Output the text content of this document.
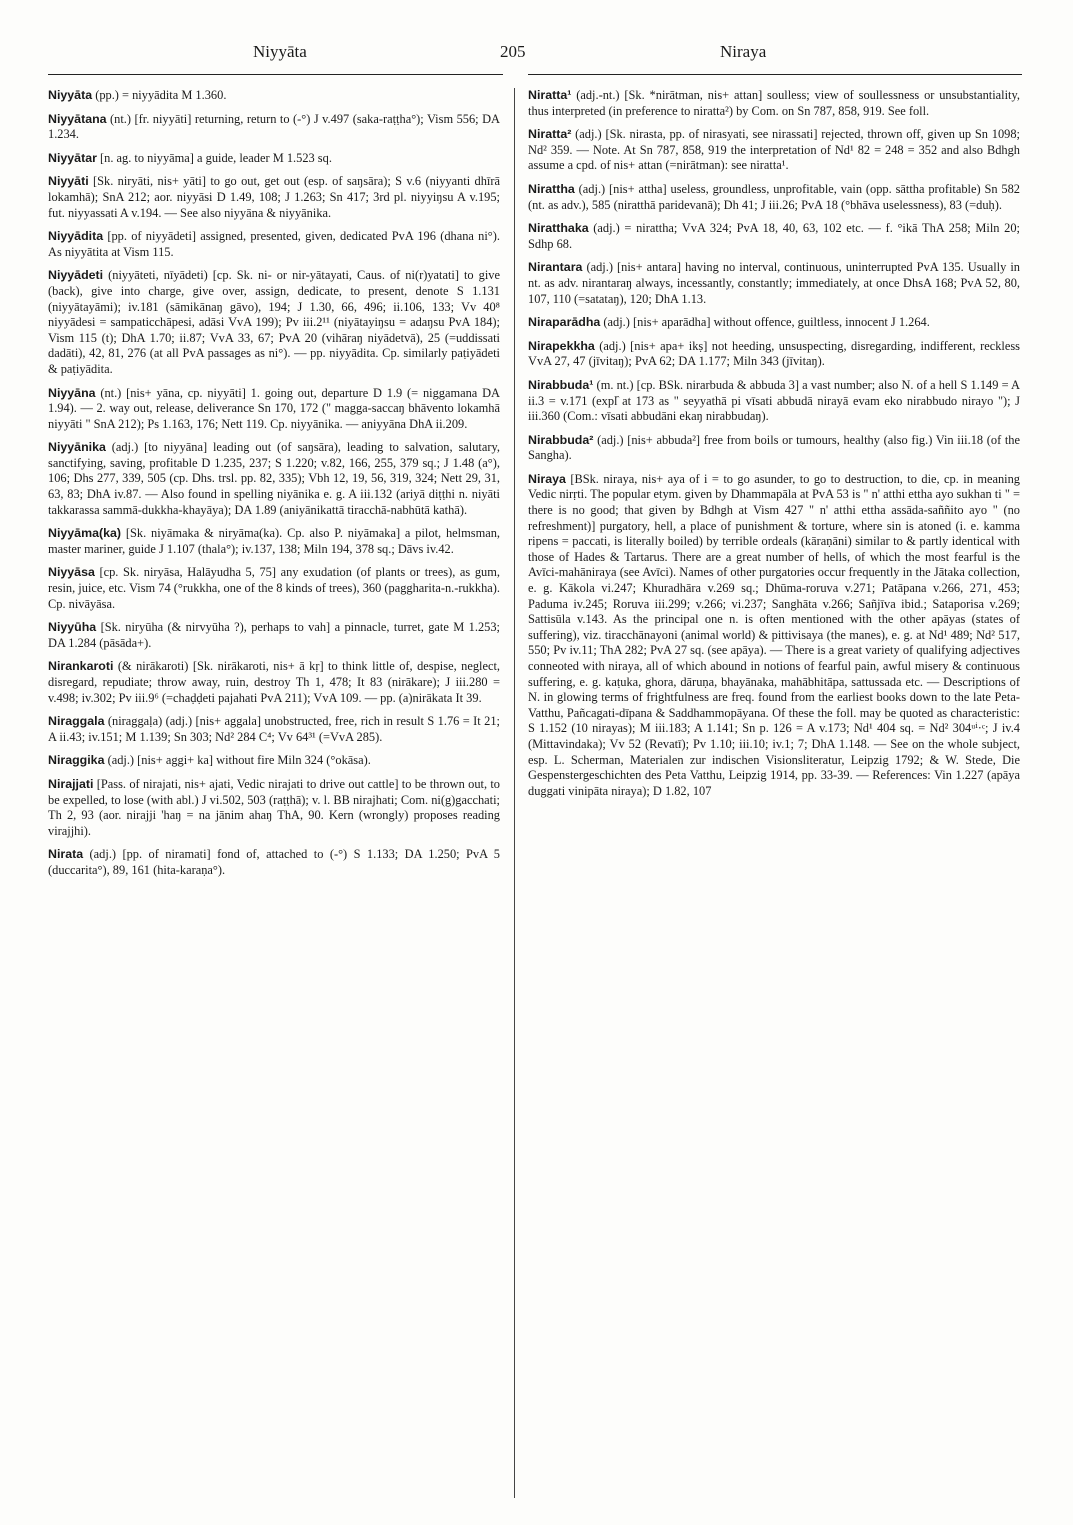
Niyyāta	205	Niraya

Niyyāta (pp.) = niyyādita M 1.360.

Niyyātana (nt.) [fr. niyyāti] returning, return to (-°) J v.497 (saka-raṭṭha°); Vism 556; DA 1.234.

Niyyātar [n. ag. to niyyāma] a guide, leader M 1.523 sq.

Niyyāti [Sk. niryāti, nis+ yāti] to go out, get out (esp. of saŋsāra); S v.6 (niyyanti dhīrā lokamhā); SnA 212; aor. niyyāsi D 1.49, 108; J 1.263; Sn 417; 3rd pl. niyyiŋsu A v.195; fut. niyyassati A v.194. — See also niyyāna & niyyānika.

Niyyādita [pp. of niyyādeti] assigned, presented, given, dedicated PvA 196 (dhana ni°). As niyyātita at Vism 115.

Niyyādeti (niyyāteti, nīyādeti) [cp. Sk. ni- or nir-yātayati, Caus. of ni(r)yatati] to give (back), give into charge, give over, assign, dedicate, to present, denote S 1.131 (niyyātayāmi); iv.181 (sāmikānaŋ gāvo), 194; J 1.30, 66, 496; ii.106, 133; Vv 40⁸ niyyādesi = sampaticchāpesi, adāsi VvA 199); Pv iii.2¹¹ (niyātayiŋsu = adaŋsu PvA 184); Vism 115 (t); DhA 1.70; ii.87; VvA 33, 67; PvA 20 (vihāraŋ niyādetvā), 25 (=uddissati dadāti), 42, 81, 276 (at all PvA passages as ni°). — pp. niyyādita. Cp. similarly paṭiyādeti & paṭiyādita.

Niyyāna (nt.) [nis+ yāna, cp. niyyāti] 1. going out, departure D 1.9 (= niggamana DA 1.94). — 2. way out, release, deliverance Sn 170, 172 (" magga-saccaŋ bhāvento lokamhā niyyāti " SnA 212); Ps 1.163, 176; Nett 119. Cp. niyyānika. — aniyyāna DhA ii.209.

Niyyānika (adj.) [to niyyāna] leading out (of saŋsāra), leading to salvation, salutary, sanctifying, saving, profitable D 1.235, 237; S 1.220; v.82, 166, 255, 379 sq.; J 1.48 (a°), 106; Dhs 277, 339, 505 (cp. Dhs. trsl. pp. 82, 335); Vbh 12, 19, 56, 319, 324; Nett 29, 31, 63, 83; DhA iv.87. — Also found in spelling niyānika e. g. A iii.132 (ariyā diṭṭhi n. niyāti takkarassa sammā-dukkha-khayāya); DA 1.89 (aniyānikattā tiracchā-nabhūtā kathā).

Niyyāma(ka) [Sk. niyāmaka & niryāma(ka). Cp. also P. niyāmaka] a pilot, helmsman, master mariner, guide J 1.107 (thala°); iv.137, 138; Miln 194, 378 sq.; Dāvs iv.42.

Niyyāsa [cp. Sk. niryāsa, Halāyudha 5, 75] any exudation (of plants or trees), as gum, resin, juice, etc. Vism 74 (°rukkha, one of the 8 kinds of trees), 360 (paggharita-n.-rukkha). Cp. nivāyāsa.

Niyyūha [Sk. niryūha (& nirvyūha ?), perhaps to vah] a pinnacle, turret, gate M 1.253; DA 1.284 (pāsāda+).

Nirankaroti (& nirākaroti) [Sk. nirākaroti, nis+ ā kṛ] to think little of, despise, neglect, disregard, repudiate; throw away, ruin, destroy Th 1, 478; It 83 (nirākare); J iii.280 = v.498; iv.302; Pv iii.9⁶ (=chaḍḍeti pajahati PvA 211); VvA 109. — pp. (a)nirākata It 39.

Niraggala (niraggaḷa) (adj.) [nis+ aggala] unobstructed, free, rich in result S 1.76 = It 21; A ii.43; iv.151; M 1.139; Sn 303; Nd² 284 C⁴; Vv 64³¹ (=VvA 285).

Niraggika (adj.) [nis+ aggi+ ka] without fire Miln 324 (°okāsa).

Nirajjati [Pass. of nirajati, nis+ ajati, Vedic nirajati to drive out cattle] to be thrown out, to be expelled, to lose (with abl.) J vi.502, 503 (raṭṭhā); v. l. BB nirajhati; Com. ni(g)gacchati; Th 2, 93 (aor. nirajji 'haŋ = na jānim ahaŋ ThA, 90. Kern (wrongly) proposes reading virajjhi).

Nirata (adj.) [pp. of niramati] fond of, attached to (-°) S 1.133; DA 1.250; PvA 5 (duccarita°), 89, 161 (hita-karaṇa°).

Niratta¹ (adj.-nt.) [Sk. *nirātman, nis+ attan] soulless; view of soullessness or unsubstantiality, thus interpreted (in preference to niratta²) by Com. on Sn 787, 858, 919. See foll.

Niratta² (adj.) [Sk. nirasta, pp. of nirasyati, see nirassati] rejected, thrown off, given up Sn 1098; Nd² 359. — Note. At Sn 787, 858, 919 the interpretation of Nd¹ 82 = 248 = 352 and also Bdhgh assume a cpd. of nis+ attan (=nirātman): see niratta¹.

Nirattha (adj.) [nis+ attha] useless, groundless, unprofitable, vain (opp. sāttha profitable) Sn 582 (nt. as adv.), 585 (niratthā paridevanā); Dh 41; J iii.26; PvA 18 (°bhāva uselessness), 83 (=duḥ).

Niratthaka (adj.) = nirattha; VvA 324; PvA 18, 40, 63, 102 etc. — f. °ikā ThA 258; Miln 20; Sdhp 68.

Nirantara (adj.) [nis+ antara] having no interval, continuous, uninterrupted PvA 135. Usually in nt. as adv. nirantaraŋ always, incessantly, constantly; immediately, at once DhsA 168; PvA 52, 80, 107, 110 (=satataŋ), 120; DhA 1.13.

Niraparādha (adj.) [nis+ aparādha] without offence, guiltless, innocent J 1.264.

Nirapekkha (adj.) [nis+ apa+ ikṣ] not heeding, unsuspecting, disregarding, indifferent, reckless VvA 27, 47 (jīvitaŋ); PvA 62; DA 1.177; Miln 343 (jīvitaŋ).

Nirabbuda¹ (m. nt.) [cp. BSk. nirarbuda & abbuda 3] a vast number; also N. of a hell S 1.149 = A ii.3 = v.171 (expl᷈ at 173 as " seyyathā pi vīsati abbudā nirayā evam eko nirabbudo nirayo "); J iii.360 (Com.: vīsati abbudāni ekaŋ nirabbudaŋ).

Nirabbuda² (adj.) [nis+ abbuda²] free from boils or tumours, healthy (also fig.) Vin iii.18 (of the Sangha).

Niraya [BSk. niraya, nis+ aya of i = to go asunder, to go to destruction, to die, cp. in meaning Vedic nirṛti. The popular etym. given by Dhammapāla at PvA 53 is " n' atthi ettha ayo sukhan ti " = there is no good; that given by Bdhgh at Vism 427 " n' atthi ettha assāda-saññito ayo " (no refreshment)] purgatory, hell, a place of punishment & torture, where sin is atoned (i. e. kamma ripens = paccati, is literally boiled) by terrible ordeals (kāraṇāni) similar to & partly identical with those of Hades & Tartarus. There are a great number of hells, of which the most fearful is the Avīci-mahāniraya (see Avīci). Names of other purgatories occur frequently in the Jātaka collection, e. g. Kākola vi.247; Khuradhāra v.269 sq.; Dhūma-roruva v.271; Patāpana v.266, 271, 453; Paduma iv.245; Roruva iii.299; v.266; vi.237; Sanghāta v.266; Sañjīva ibid.; Sataporisa v.269; Sattisūla v.143. As the principal one n. is often mentioned with the other apāyas (states of suffering), viz. tiracchānayoni (animal world) & pittivisaya (the manes), e. g. at Nd¹ 489; Nd² 517, 550; Pv iv.11; ThA 282; PvA 27 sq. (see apāya). — There is a great variety of qualifying adjectives conneoted with niraya, all of which abound in notions of fearful pain, awful misery & continuous suffering, e. g. kaṭuka, ghora, dāruṇa, bhayānaka, mahābhitāpa, sattussada etc. — Descriptions of N. in glowing terms of frightfulness are freq. found from the earliest books down to the late Peta-Vatthu, Pañcagati-dīpana & Saddhammopāyana. Of these the foll. may be quoted as characteristic: S 1.152 (10 nirayas); M iii.183; A 1.141; Sn p. 126 = A v.173; Nd¹ 404 sq. = Nd² 304ᵘⁱ·ᶜ; J iv.4 (Mittavindaka); Vv 52 (Revatī); Pv 1.10; iii.10; iv.1; 7; DhA 1.148. — See on the whole subject, esp. L. Scherman, Materialen zur indischen Visionsliteratur, Leipzig 1792; & W. Stede, Die Gespenstergeschichten des Peta Vatthu, Leipzig 1914, pp. 33-39. — References: Vin 1.227 (apāya duggati vinipāta niraya); D 1.82, 107
